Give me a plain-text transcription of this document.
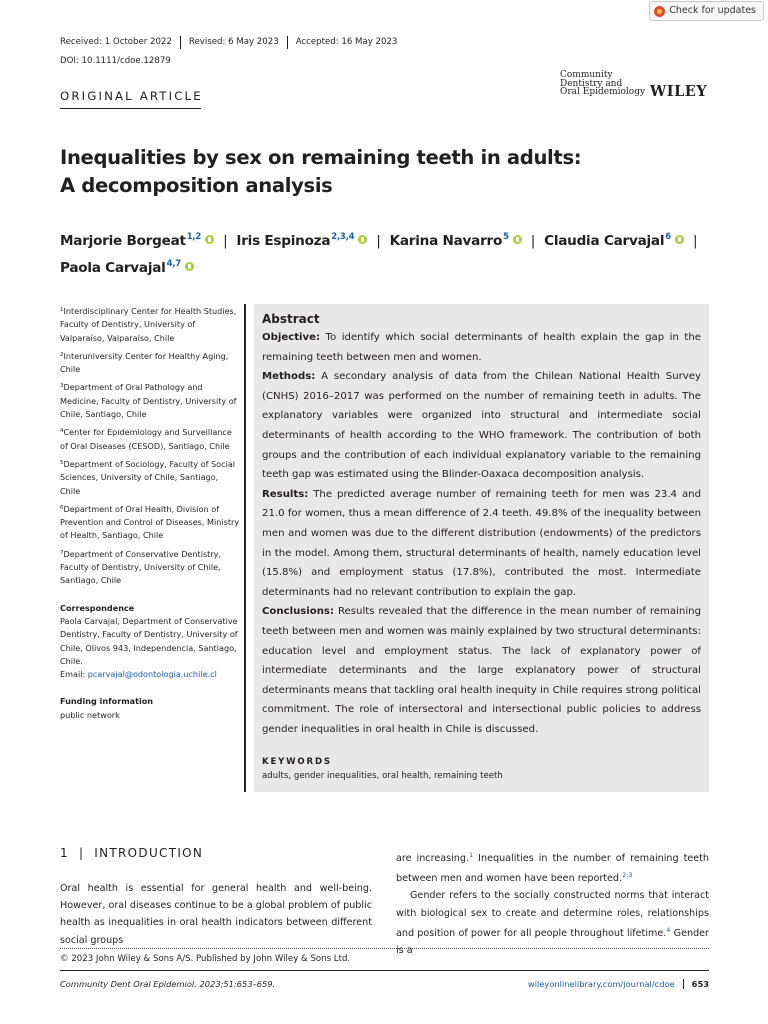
Check for updates
Received: 1 October 2022	Revised: 6 May 2023	Accepted: 16 May 2023
DOI: 10.1111/cdoe.12879
ORIGINAL ARTICLE
Community
Dentistry and
Oral Epidemiology WILEY
Inequalities by sex on remaining teeth in adults:
A decomposition analysis
Marjorie Borgeat$^{1,2}$ | Iris Espinoza$^{2,3,4}$ | Karina Navarro$^5$ | Claudia Carvajal$^6$ |
Paola Carvajal$^{4,7}$

$^1$Interdisciplinary Center for Health Studies, Faculty of Dentistry, University of Valparaíso, Valparaíso, Chile

$^2$Interuniversity Center for Healthy Aging, Chile

$^3$Department of Oral Pathology and Medicine, Faculty of Dentistry, University of Chile, Santiago, Chile

$^4$Center for Epidemiology and Surveillance of Oral Diseases (CESOD), Santiago, Chile

$^5$Department of Sociology, Faculty of Social Sciences, University of Chile, Santiago, Chile

$^6$Department of Oral Health, Division of Prevention and Control of Diseases, Ministry of Health, Santiago, Chile

$^7$Department of Conservative Dentistry, Faculty of Dentistry, University of Chile, Santiago, Chile

Correspondence
Paola Carvajal, Department of Conservative Dentistry, Faculty of Dentistry, University of Chile, Olivos 943, Independencia, Santiago, Chile.
Email: pcarvajal@odontologia.uchile.cl
Funding information
public network
Abstract

Objective: To identify which social determinants of health explain the gap in the remaining teeth between men and women.

Methods: A secondary analysis of data from the Chilean National Health Survey (CNHS) 2016–2017 was performed on the number of remaining teeth in adults. The explanatory variables were organized into structural and intermediate social determinants of health according to the WHO framework. The contribution of both groups and the contribution of each individual explanatory variable to the remaining teeth gap was estimated using the Blinder-Oaxaca decomposition analysis.

Results: The predicted average number of remaining teeth for men was 23.4 and 21.0 for women, thus a mean difference of 2.4 teeth. 49.8% of the inequality between men and women was due to the different distribution (endowments) of the predictors in the model. Among them, structural determinants of health, namely education level (15.8%) and employment status (17.8%), contributed the most. Intermediate determinants had no relevant contribution to explain the gap.

Conclusions: Results revealed that the difference in the mean number of remaining teeth between men and women was mainly explained by two structural determinants: education level and employment status. The lack of explanatory power of intermediate determinants and the large explanatory power of structural determinants means that tackling oral health inequity in Chile requires strong political commitment. The role of intersectoral and intersectional public policies to address gender inequalities in oral health in Chile is discussed.

KEYWORDS
adults, gender inequalities, oral health, remaining teeth
1 | INTRODUCTION

Oral health is essential for general health and well-being. However, oral diseases continue to be a global problem of public health as inequalities in oral health indicators between different social groups

are increasing.$^1$ Inequalities in the number of remaining teeth between men and women have been reported.$^{2,3}$

Gender refers to the socially constructed norms that interact with biological sex to create and determine roles, relationships and position of power for all people throughout lifetime.$^4$ Gender is a

© 2023 John Wiley & Sons A/S. Published by John Wiley & Sons Ltd.
Community Dent Oral Epidemiol. 2023;51:653–659.	wileyonlinelibrary.com/journal/cdoe	653
